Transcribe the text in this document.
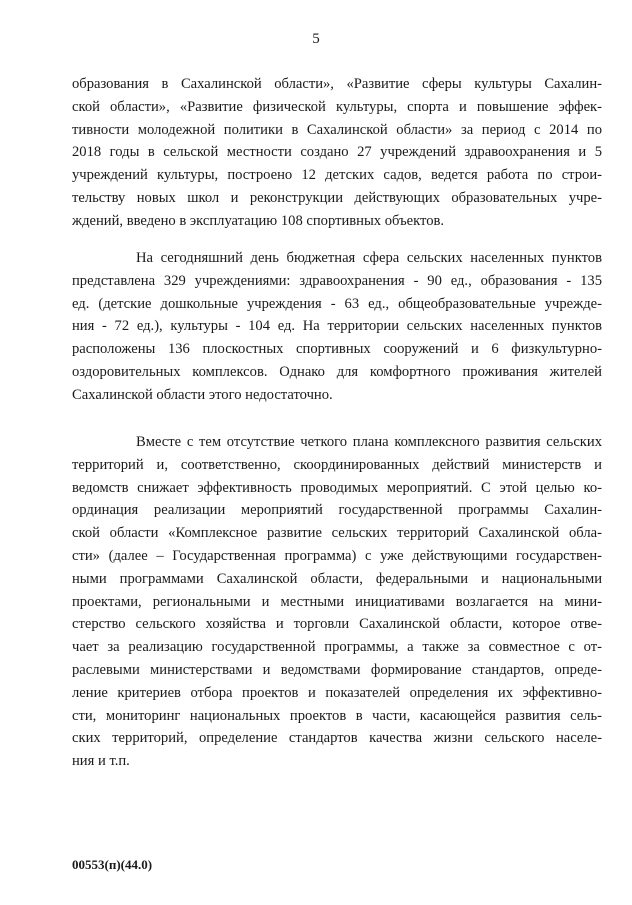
5
образования в Сахалинской области», «Развитие сферы культуры Сахалин-
ской области», «Развитие физической культуры, спорта и повышение эффек-
тивности молодежной политики в Сахалинской области» за период с 2014 по
2018 годы в сельской местности создано 27 учреждений здравоохранения и 5
учреждений культуры, построено 12 детских садов, ведется работа по строи-
тельству новых школ и реконструкции действующих образовательных учре-
ждений, введено в эксплуатацию 108 спортивных объектов.
На сегодняшний день бюджетная сфера сельских населенных пунктов
представлена 329 учреждениями: здравоохранения - 90 ед., образования - 135
ед. (детские дошкольные учреждения - 63 ед., общеобразовательные учрежде-
ния - 72 ед.), культуры - 104 ед. На территории сельских населенных пунктов
расположены 136 плоскостных спортивных сооружений и 6 физкультурно-
оздоровительных комплексов. Однако для комфортного проживания жителей
Сахалинской области этого недостаточно.
Вместе с тем отсутствие четкого плана комплексного развития сельских
территорий и, соответственно, скоординированных действий министерств и
ведомств снижает эффективность проводимых мероприятий. С этой целью ко-
ординация реализации мероприятий государственной программы Сахалин-
ской области «Комплексное развитие сельских территорий Сахалинской обла-
сти» (далее – Государственная программа) с уже действующими государствен-
ными программами Сахалинской области, федеральными и национальными
проектами, региональными и местными инициативами возлагается на мини-
стерство сельского хозяйства и торговли Сахалинской области, которое отве-
чает за реализацию государственной программы, а также за совместное с от-
раслевыми министерствами и ведомствами формирование стандартов, опреде-
ление критериев отбора проектов и показателей определения их эффективно-
сти, мониторинг национальных проектов в части, касающейся развития сель-
ских территорий, определение стандартов качества жизни сельского населе-
ния и т.п.
00553(п)(44.0)
